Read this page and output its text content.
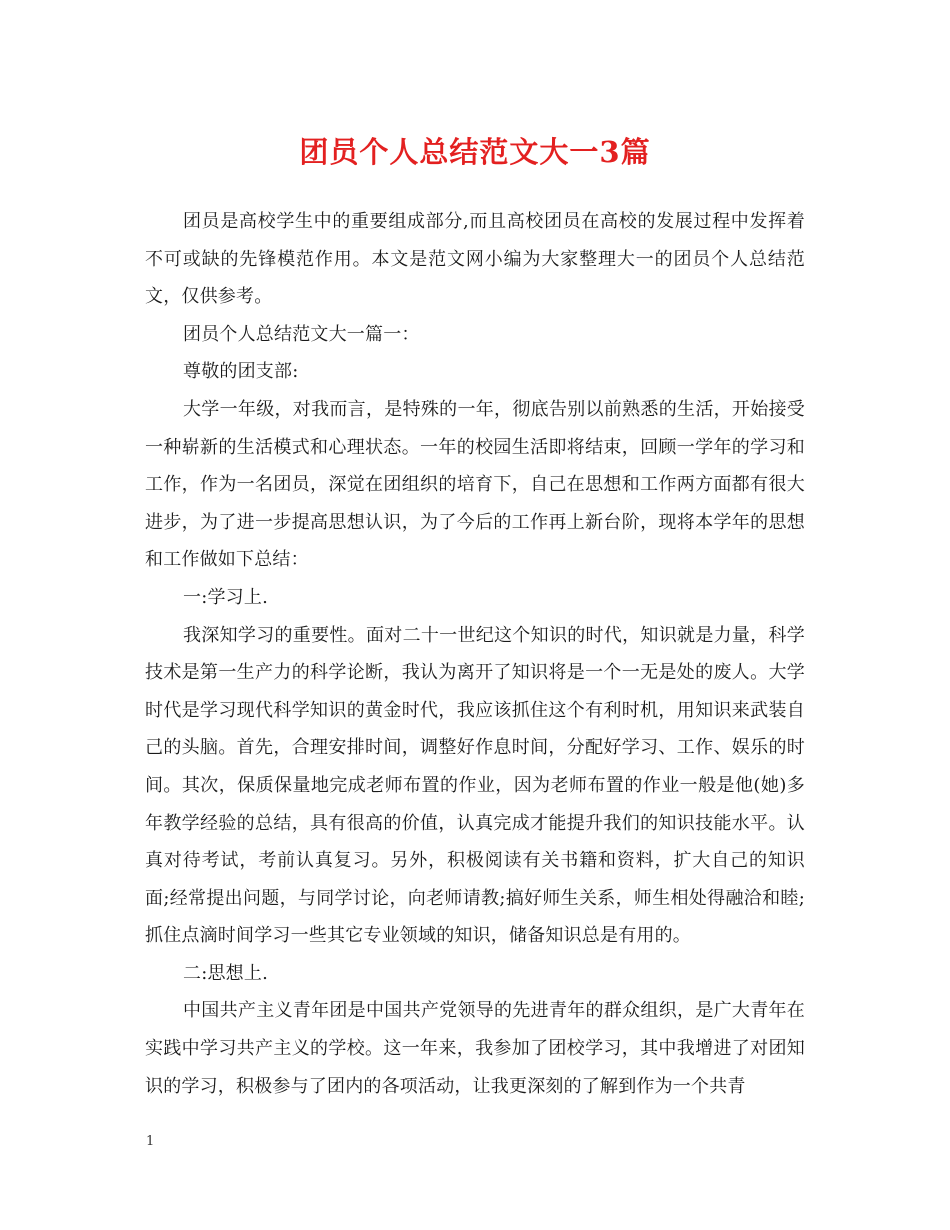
团员个人总结范文大一3篇

团员是高校学生中的重要组成部分,而且高校团员在高校的发展过程中发挥着不可或缺的先锋模范作用。本文是范文网小编为大家整理大一的团员个人总结范文，仅供参考。

团员个人总结范文大一篇一：

尊敬的团支部:

大学一年级，对我而言，是特殊的一年，彻底告别以前熟悉的生活，开始接受一种崭新的生活模式和心理状态。一年的校园生活即将结束，回顾一学年的学习和工作，作为一名团员，深觉在团组织的培育下，自己在思想和工作两方面都有很大进步，为了进一步提高思想认识，为了今后的工作再上新台阶，现将本学年的思想和工作做如下总结：

一:学习上.

我深知学习的重要性。面对二十一世纪这个知识的时代，知识就是力量，科学技术是第一生产力的科学论断，我认为离开了知识将是一个一无是处的废人。大学时代是学习现代科学知识的黄金时代，我应该抓住这个有利时机，用知识来武装自己的头脑。首先，合理安排时间，调整好作息时间，分配好学习、工作、娱乐的时间。其次，保质保量地完成老师布置的作业，因为老师布置的作业一般是他(她)多年教学经验的总结，具有很高的价值，认真完成才能提升我们的知识技能水平。认真对待考试，考前认真复习。另外，积极阅读有关书籍和资料，扩大自己的知识面;经常提出问题，与同学讨论，向老师请教;搞好师生关系，师生相处得融洽和睦;抓住点滴时间学习一些其它专业领域的知识，储备知识总是有用的。

二:思想上.

中国共产主义青年团是中国共产党领导的先进青年的群众组织，是广大青年在实践中学习共产主义的学校。这一年来，我参加了团校学习，其中我增进了对团知识的学习，积极参与了团内的各项活动，让我更深刻的了解到作为一个共青

1
